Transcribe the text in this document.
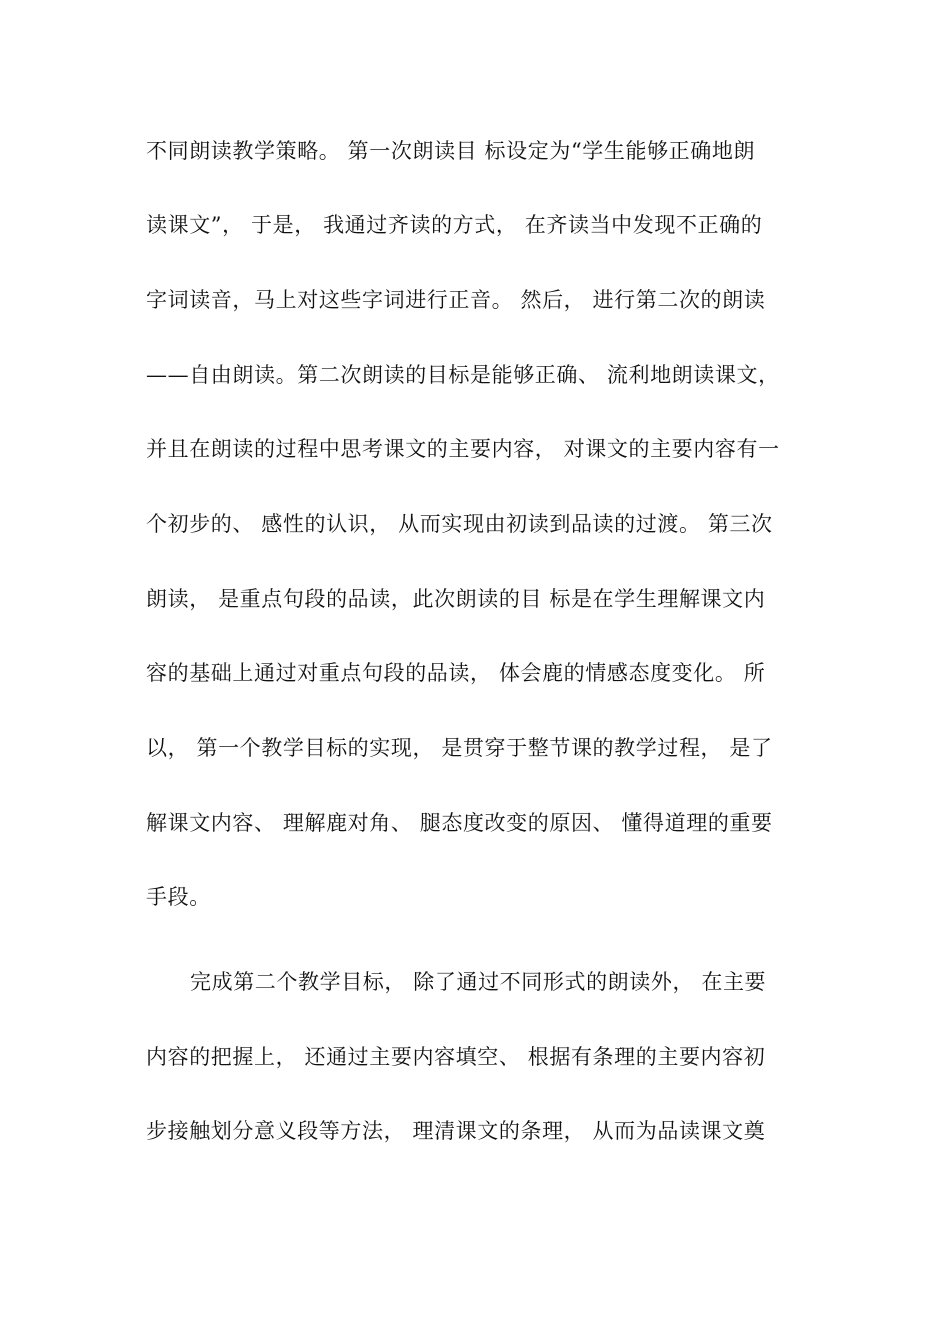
不同朗读教学策略。 第一次朗读目 标设定为“学生能够正确地朗
读课文”， 于是， 我通过齐读的方式， 在齐读当中发现不正确的
字词读音，马上对这些字词进行正音。 然后， 进行第二次的朗读
——自由朗读。第二次朗读的目标是能够正确、 流利地朗读课文，
并且在朗读的过程中思考课文的主要内容， 对课文的主要内容有一
个初步的、 感性的认识， 从而实现由初读到品读的过渡。 第三次
朗读， 是重点句段的品读，此次朗读的目 标是在学生理解课文内
容的基础上通过对重点句段的品读， 体会鹿的情感态度变化。 所
以， 第一个教学目标的实现， 是贯穿于整节课的教学过程， 是了
解课文内容、 理解鹿对角、 腿态度改变的原因、 懂得道理的重要
手段。
完成第二个教学目标， 除了通过不同形式的朗读外， 在主要
内容的把握上， 还通过主要内容填空、 根据有条理的主要内容初
步接触划分意义段等方法， 理清课文的条理， 从而为品读课文奠
